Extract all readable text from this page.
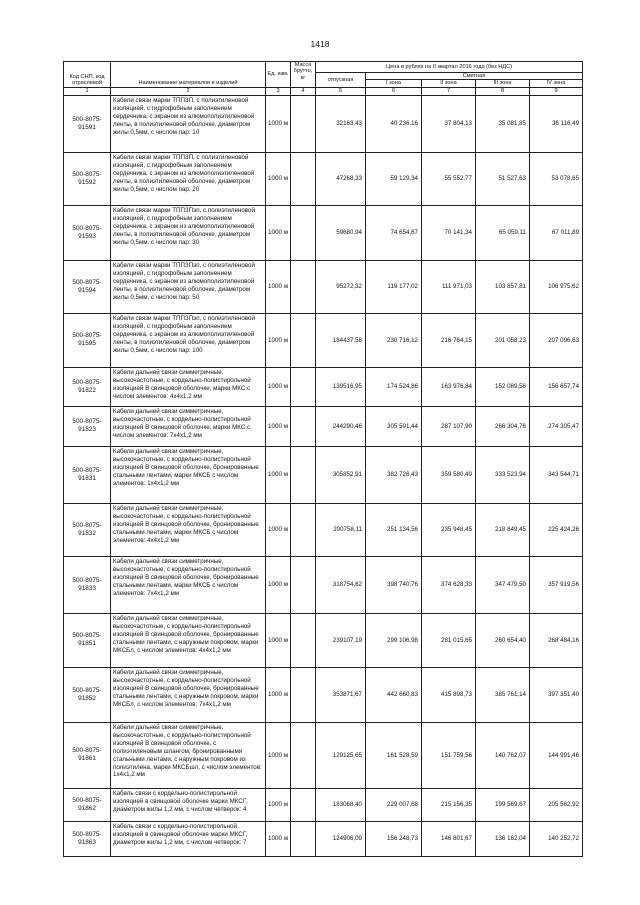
1418
Код СНП, код отраслевой	Наименование материалов и изделий	Ед. изм.	Масса брутто, кг	Цена в рублях на II квартал 2016 года (без НДС)				
				отпускная	Сметная			
					I зона	II зона	III зона	IV зона
1	2	3	4	5	6	7	8	9
500-8075-91591	Кабели связи марки ТППЗП, с полиэтиленовой изоляцией, с гидрофобным заполнением сердечника, с экраном из алюмополиэтиленовой ленты, в полиэтиленовой оболочке, диаметром жилы 0,5мм, с числом пар: 10	1000 м		32163,43	40 236,16	37 804,13	35 081,85	36 116,49
500-8075-91592	Кабели связи марки ТППЗП, с полиэтиленовой изоляцией, с гидрофобным заполнением сердечника, с экраном из алюмополиэтиленовой ленты, в полиэтиленовой оболочке, диаметром жилы 0,5мм, с числом пар: 20	1000 м		47268,33	59 129,34	55 552,77	51 527,63	53 078,65
500-8075-91593	Кабели связи марки ТППЗПэп, с полиэтиленовой изоляцией, с гидрофобным заполнением сердечника, с экраном из алюмополиэтиленовой ленты, в полиэтиленовой оболочке, диаметром жилы 0,5мм, с числом пар: 30	1000 м		59680,94	74 654,67	70 141,34	65 059,11	67 011,89
500-8075-91594	Кабели связи марки ТППЗПэп, с полиэтиленовой изоляцией, с гидрофобным заполнением сердечника, с экраном из алюмополиэтиленовой ленты, в полиэтиленовой оболочке, диаметром жилы 0,5мм, с числом пар: 50	1000 м		95272,32	119 177,02	111 971,03	103 857,81	106 975,62
500-8075-91595	Кабели связи марки ТППЗПэп, с полиэтиленовой изоляцией, с гидрофобным заполнением сердечника, с экраном из алюмополиэтиленовой ленты, в полиэтиленовой оболочке, диаметром жилы 0,5мм, с числом пар: 100	1000 м		184437,58	230 716,12	216 764,15	201 058,23	207 096,63
500-8075-91822	Кабели дальней связи симметричные, высокочастотные, с кордельно-полистирольной изоляцией В свинцовой оболочке, марки МКС с числом элементов: 4х4х1,2 мм	1000 м		139516,95	174 524,86	163 976,84	152 089,56	156 657,74
500-8075-91823	Кабели дальней связи симметричные, высокочастотные, с кордельно-полистирольной изоляцией В свинцовой оболочке, марки МКС с числом элементов: 7х4х1,2 мм	1000 м		244290,46	305 591,44	287 107,90	266 304,76	274 305,47
500-8075-91831	Кабели дальней связи симметричные, высокочастотные, с кордельно-полистирольной изоляцией В свинцовой оболочке, бронированные стальными лентами, марки МКСБ с числом элементов: 1х4х1,2 мм	1000 м		305852,91	382 726,43	359 580,49	333 523,94	343 544,71
500-8075-91832	Кабели дальней связи симметричные, высокочастотные, с кордельно-полистирольной изоляцией В свинцовой оболочке, бронированные стальными лентами, марки МКСБ с числом элементов: 4х4х1,2 мм	1000 м		200758,11	251 134,56	235 948,45	218 849,45	225 424,26
500-8075-91833	Кабели дальней связи симметричные, высокочастотные, с кордельно-полистирольной изоляцией В свинцовой оболочке, бронированные стальными лентами, марки МКСБ с числом элементов: 7х4х1,2 мм	1000 м		318754,62	398 740,76	374 628,33	347 479,50	357 919,56
500-8075-91851	Кабели дальней связи симметричные, высокочастотные, с кордельно-полистирольной изоляцией В свинцовой оболочке, бронированные стальными лентами, с наружным покровом, марки МКСБл, с числом элементов: 4х4х1,2 мм	1000 м		239107,19	299 106,98	281 015,65	260 654,40	268 484,16
500-8075-91852	Кабели дальней связи симметричные, высокочастотные, с кордельно-полистирольной изоляцией В свинцовой оболочке, бронированные стальными лентами, с наружным покровом, марки МКСБл, с числом элементов: 7х4х1,2 мм	1000 м		353871,67	442 660,83	415 898,73	385 761,14	397 351,40
500-8075-91861	Кабели дальней связи симметричные, высокочастотные, с кордельно-полистирольной изоляцией В свинцовой оболочке, с полиэтиленовым шлангом, бронированными стальными лентами, с наружным покровом из полиэтилена, марки МКСБшл, с числом элементов: 1х4х1,2 мм	1000 м		129125,65	161 528,59	151 759,56	140 762,07	144 991,46
500-8075-91862	Кабель связи с кордельно-полистирольной изоляцией в свинцовой оболочке марки МКСГ, диаметром жилы 1,2 мм, с числом четверок: 4	1000 м		183068,40	229 007,68	215 156,35	199 569,67	205 562,92
500-8075-91863	Кабель связи с кордельно-полистирольной изоляцией в свинцовой оболочке марки МКСГ, диаметром жилы 1,2 мм, с числом четверок: 7	1000 м		124906,09	156 248,73	146 801,67	136 162,04	140 252,72
